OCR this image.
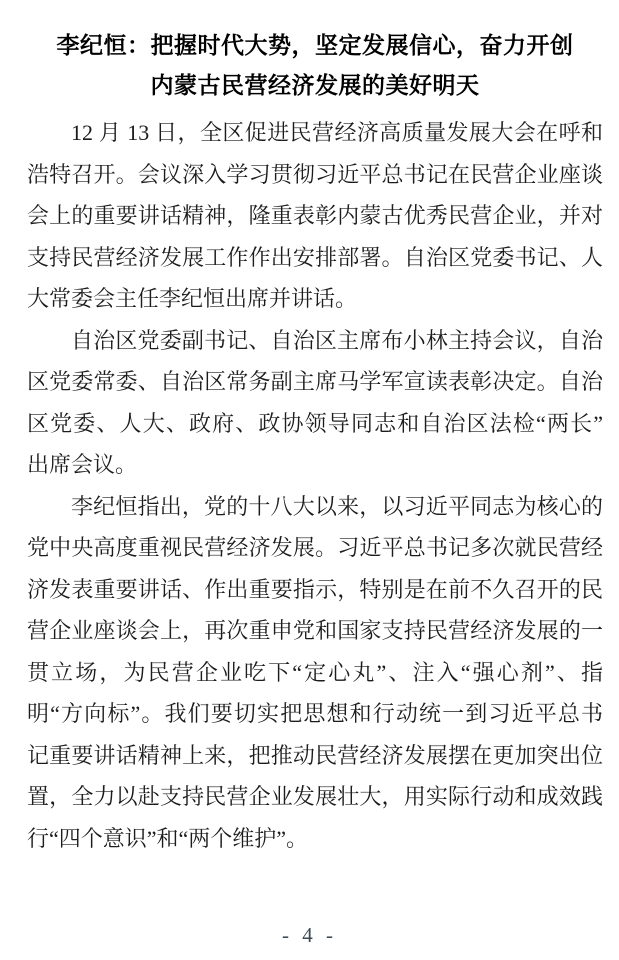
李纪恒：把握时代大势，坚定发展信心，奋力开创
内蒙古民营经济发展的美好明天
12 月 13 日，全区促进民营经济高质量发展大会在呼和
浩特召开。会议深入学习贯彻习近平总书记在民营企业座谈
会上的重要讲话精神，隆重表彰内蒙古优秀民营企业，并对
支持民营经济发展工作作出安排部署。自治区党委书记、人
大常委会主任李纪恒出席并讲话。
自治区党委副书记、自治区主席布小林主持会议，自治
区党委常委、自治区常务副主席马学军宣读表彰决定。自治
区党委、人大、政府、政协领导同志和自治区法检“两长”
出席会议。
李纪恒指出，党的十八大以来，以习近平同志为核心的
党中央高度重视民营经济发展。习近平总书记多次就民营经
济发表重要讲话、作出重要指示，特别是在前不久召开的民
营企业座谈会上，再次重申党和国家支持民营经济发展的一
贯立场，为民营企业吃下“定心丸”、注入“强心剂”、指
明“方向标”。我们要切实把思想和行动统一到习近平总书
记重要讲话精神上来，把推动民营经济发展摆在更加突出位
置，全力以赴支持民营企业发展壮大，用实际行动和成效践
行“四个意识”和“两个维护”。
- 4 -
